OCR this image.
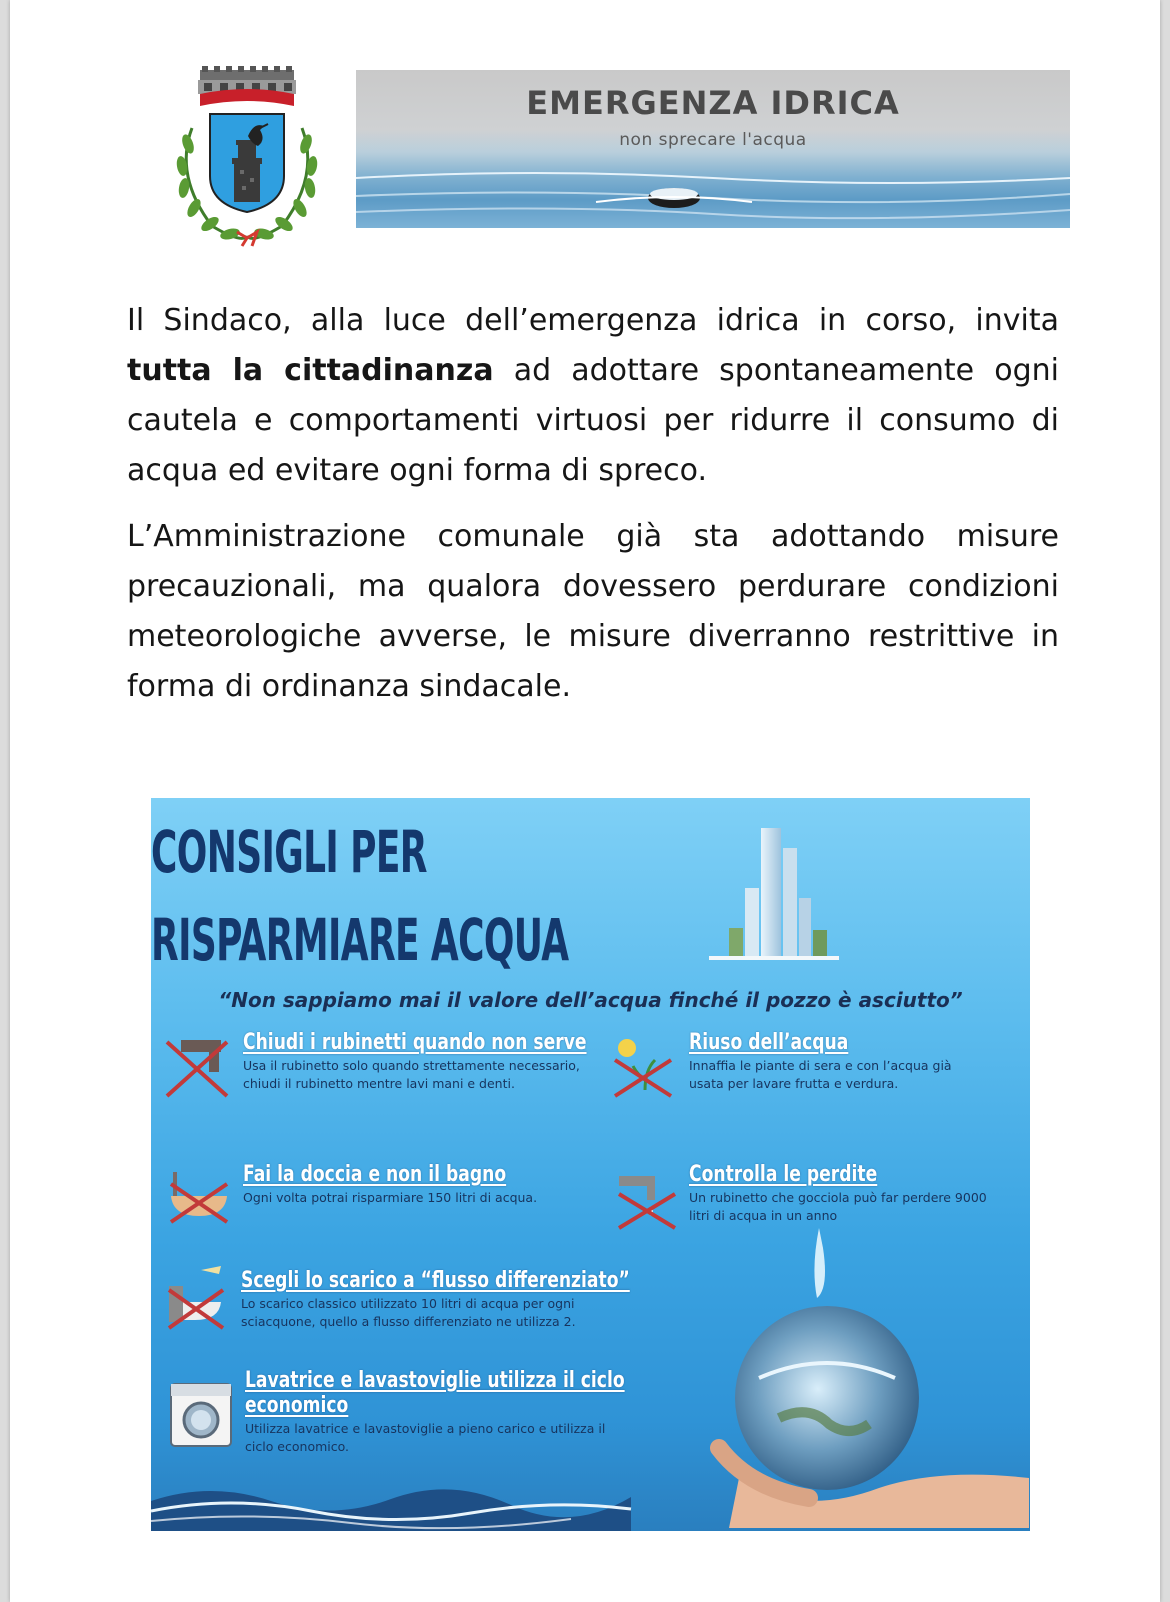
EMERGENZA IDRICA
non sprecare l'acqua

Il Sindaco, alla luce dell’emergenza idrica in corso, invita tutta la cittadinanza ad adottare spontaneamente ogni cautela e comportamenti virtuosi per ridurre il consumo di acqua ed evitare ogni forma di spreco.

L’Amministrazione comunale già sta adottando misure precauzionali, ma qualora dovessero perdurare condizioni meteorologiche avverse, le misure diverranno restrittive in forma di ordinanza sindacale.

CONSIGLI PER
RISPARMIARE ACQUA
“Non sappiamo mai il valore dell’acqua finché il pozzo è asciutto”
Chiudi i rubinetti quando non serve
Usa il rubinetto solo quando strettamente necessario, chiudi il rubinetto mentre lavi mani e denti.
Riuso dell’acqua
Innaffia le piante di sera e con l’acqua già usata per lavare frutta e verdura.
Fai la doccia e non il bagno
Ogni volta potrai risparmiare 150 litri di acqua.
Controlla le perdite
Un rubinetto che gocciola può far perdere 9000 litri di acqua in un anno
Scegli lo scarico a “flusso differenziato”
Lo scarico classico utilizzato 10 litri di acqua per ogni sciacquone, quello a flusso differenziato ne utilizza 2.
Lavatrice e lavastoviglie utilizza il ciclo
economico
Utilizza lavatrice e lavastoviglie a pieno carico e utilizza il ciclo economico.
